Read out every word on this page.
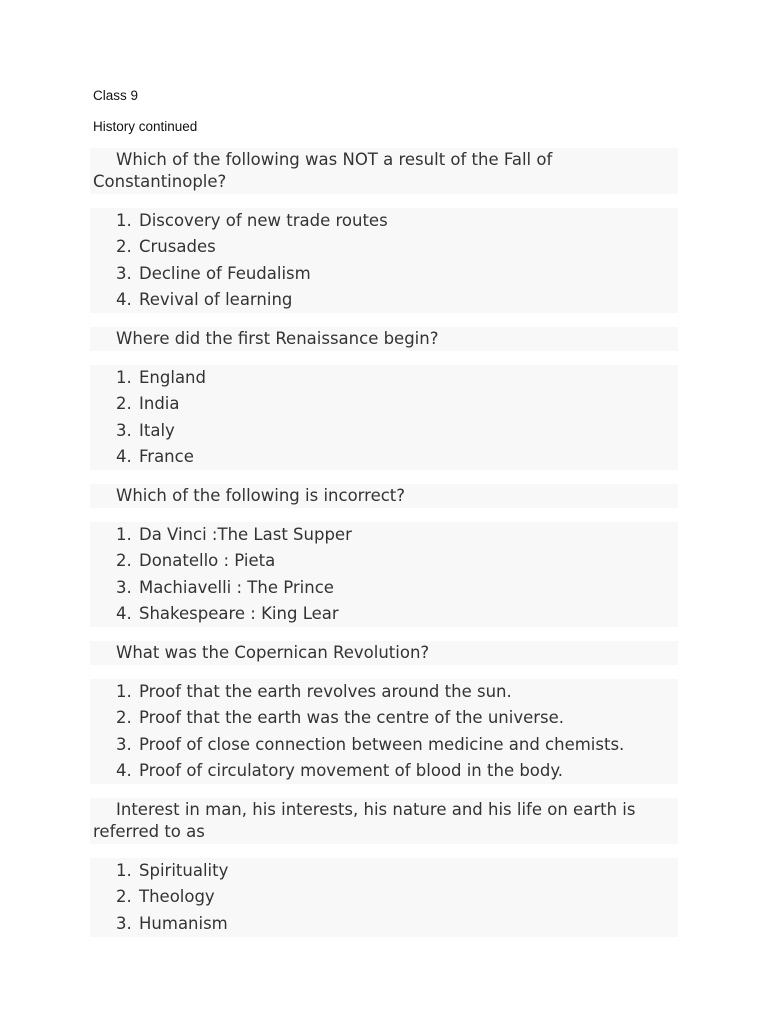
Class 9
History continued
Which of the following was NOT a result of the Fall of
Constantinople?
1. Discovery of new trade routes
2. Crusades
3. Decline of Feudalism
4. Revival of learning
Where did the first Renaissance begin?
1. England
2. India
3. Italy
4. France
Which of the following is incorrect?
1. Da Vinci :The Last Supper
2. Donatello : Pieta
3. Machiavelli : The Prince
4. Shakespeare : King Lear
What was the Copernican Revolution?
1. Proof that the earth revolves around the sun.
2. Proof that the earth was the centre of the universe.
3. Proof of close connection between medicine and chemists.
4. Proof of circulatory movement of blood in the body.
Interest in man, his interests, his nature and his life on earth is
referred to as
1. Spirituality
2. Theology
3. Humanism
